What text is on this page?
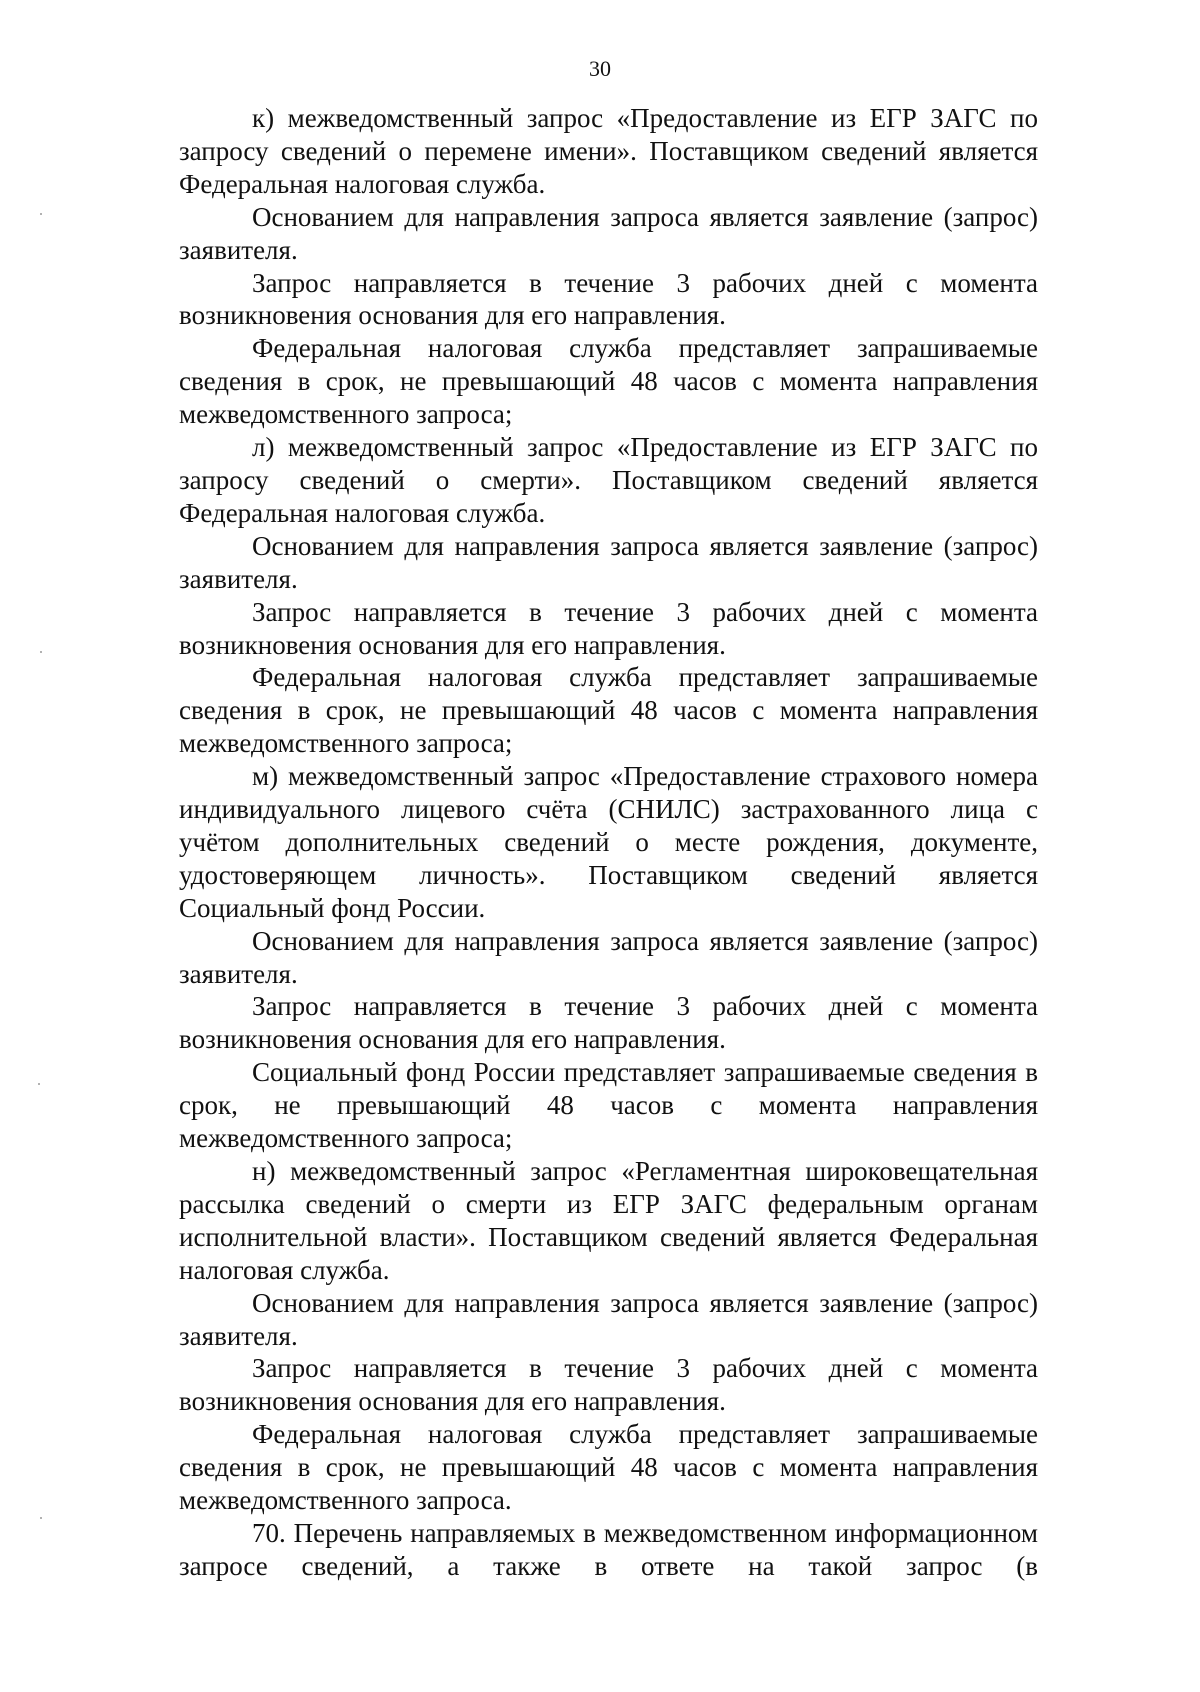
30

к) межведомственный запрос «Предоставление из ЕГР ЗАГС по запросу сведений о перемене имени». Поставщиком сведений является Федеральная налоговая служба.

Основанием для направления запроса является заявление (запрос) заявителя.

Запрос направляется в течение 3 рабочих дней с момента возникновения основания для его направления.

Федеральная налоговая служба представляет запрашиваемые сведения в срок, не превышающий 48 часов с момента направления межведомственного запроса;

л) межведомственный запрос «Предоставление из ЕГР ЗАГС по запросу сведений о смерти». Поставщиком сведений является Федеральная налоговая служба.

Основанием для направления запроса является заявление (запрос) заявителя.

Запрос направляется в течение 3 рабочих дней с момента возникновения основания для его направления.

Федеральная налоговая служба представляет запрашиваемые сведения в срок, не превышающий 48 часов с момента направления межведомственного запроса;

м) межведомственный запрос «Предоставление страхового номера индивидуального лицевого счёта (СНИЛС) застрахованного лица с учётом дополнительных сведений о месте рождения, документе, удостоверяющем личность». Поставщиком сведений является Социальный фонд России.

Основанием для направления запроса является заявление (запрос) заявителя.

Запрос направляется в течение 3 рабочих дней с момента возникновения основания для его направления.

Социальный фонд России представляет запрашиваемые сведения в срок, не превышающий 48 часов с момента направления межведомственного запроса;

н) межведомственный запрос «Регламентная широковещательная рассылка сведений о смерти из ЕГР ЗАГС федеральным органам исполнительной власти». Поставщиком сведений является Федеральная налоговая служба.

Основанием для направления запроса является заявление (запрос) заявителя.

Запрос направляется в течение 3 рабочих дней с момента возникновения основания для его направления.

Федеральная налоговая служба представляет запрашиваемые сведения в срок, не превышающий 48 часов с момента направления межведомственного запроса.

70. Перечень направляемых в межведомственном информационном запросе сведений, а также в ответе на такой запрос (в
